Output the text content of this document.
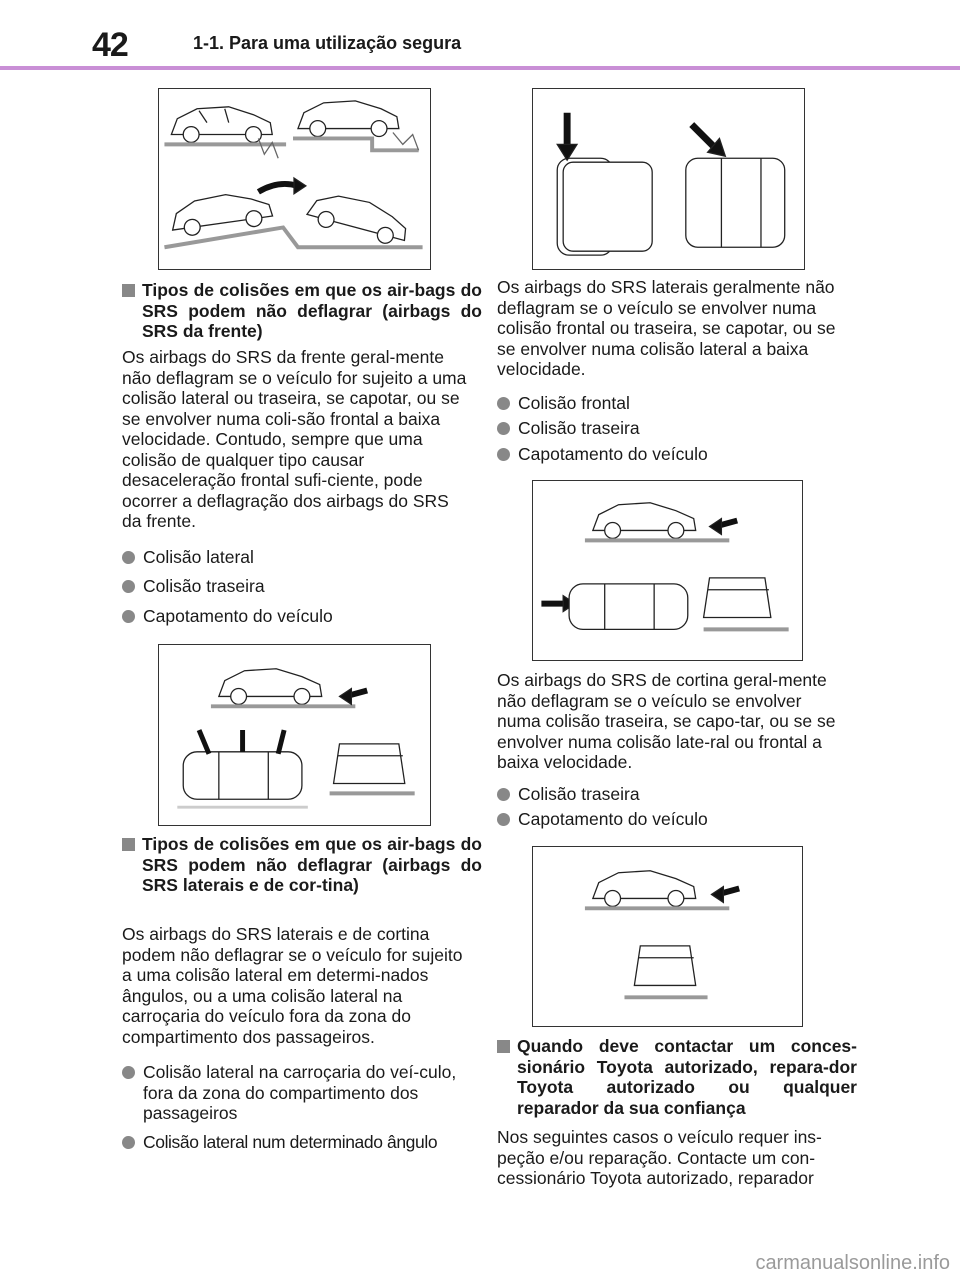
42	1-1. Para uma utilização segura
Tipos de colisões em que os air-bags do SRS podem não deflagrar (airbags do SRS da frente)
Os airbags do SRS da frente geral-mente não deflagram se o veículo for sujeito a uma colisão lateral ou traseira, se capotar, ou se se envolver numa coli-são frontal a baixa velocidade. Contudo, sempre que uma colisão de qualquer tipo causar desaceleração frontal sufi-ciente, pode ocorrer a deflagração dos airbags do SRS da frente.
Colisão lateral
Colisão traseira
Capotamento do veículo
Tipos de colisões em que os air-bags do SRS podem não deflagrar (airbags do SRS laterais e de cor-tina)
Os airbags do SRS laterais e de cortina podem não deflagrar se o veículo for sujeito a uma colisão lateral em determi-nados ângulos, ou a uma colisão lateral na carroçaria do veículo fora da zona do compartimento dos passageiros.
Colisão lateral na carroçaria do veí-culo, fora da zona do compartimento dos passageiros
Colisão lateral num determinado ângulo
Os airbags do SRS laterais geralmente não deflagram se o veículo se envolver numa colisão frontal ou traseira, se capotar, ou se se envolver numa colisão lateral a baixa velocidade.
Colisão frontal
Colisão traseira
Capotamento do veículo
Os airbags do SRS de cortina geral-mente não deflagram se o veículo se envolver numa colisão traseira, se capo-tar, ou se se envolver numa colisão late-ral ou frontal a baixa velocidade.
Colisão traseira
Capotamento do veículo
Quando deve contactar um conces-sionário Toyota autorizado, repara-dor Toyota autorizado ou qualquer reparador da sua confiança
Nos seguintes casos o veículo requer ins-peção e/ou reparação. Contacte um con-cessionário Toyota autorizado, reparador
carmanualsonline.info
